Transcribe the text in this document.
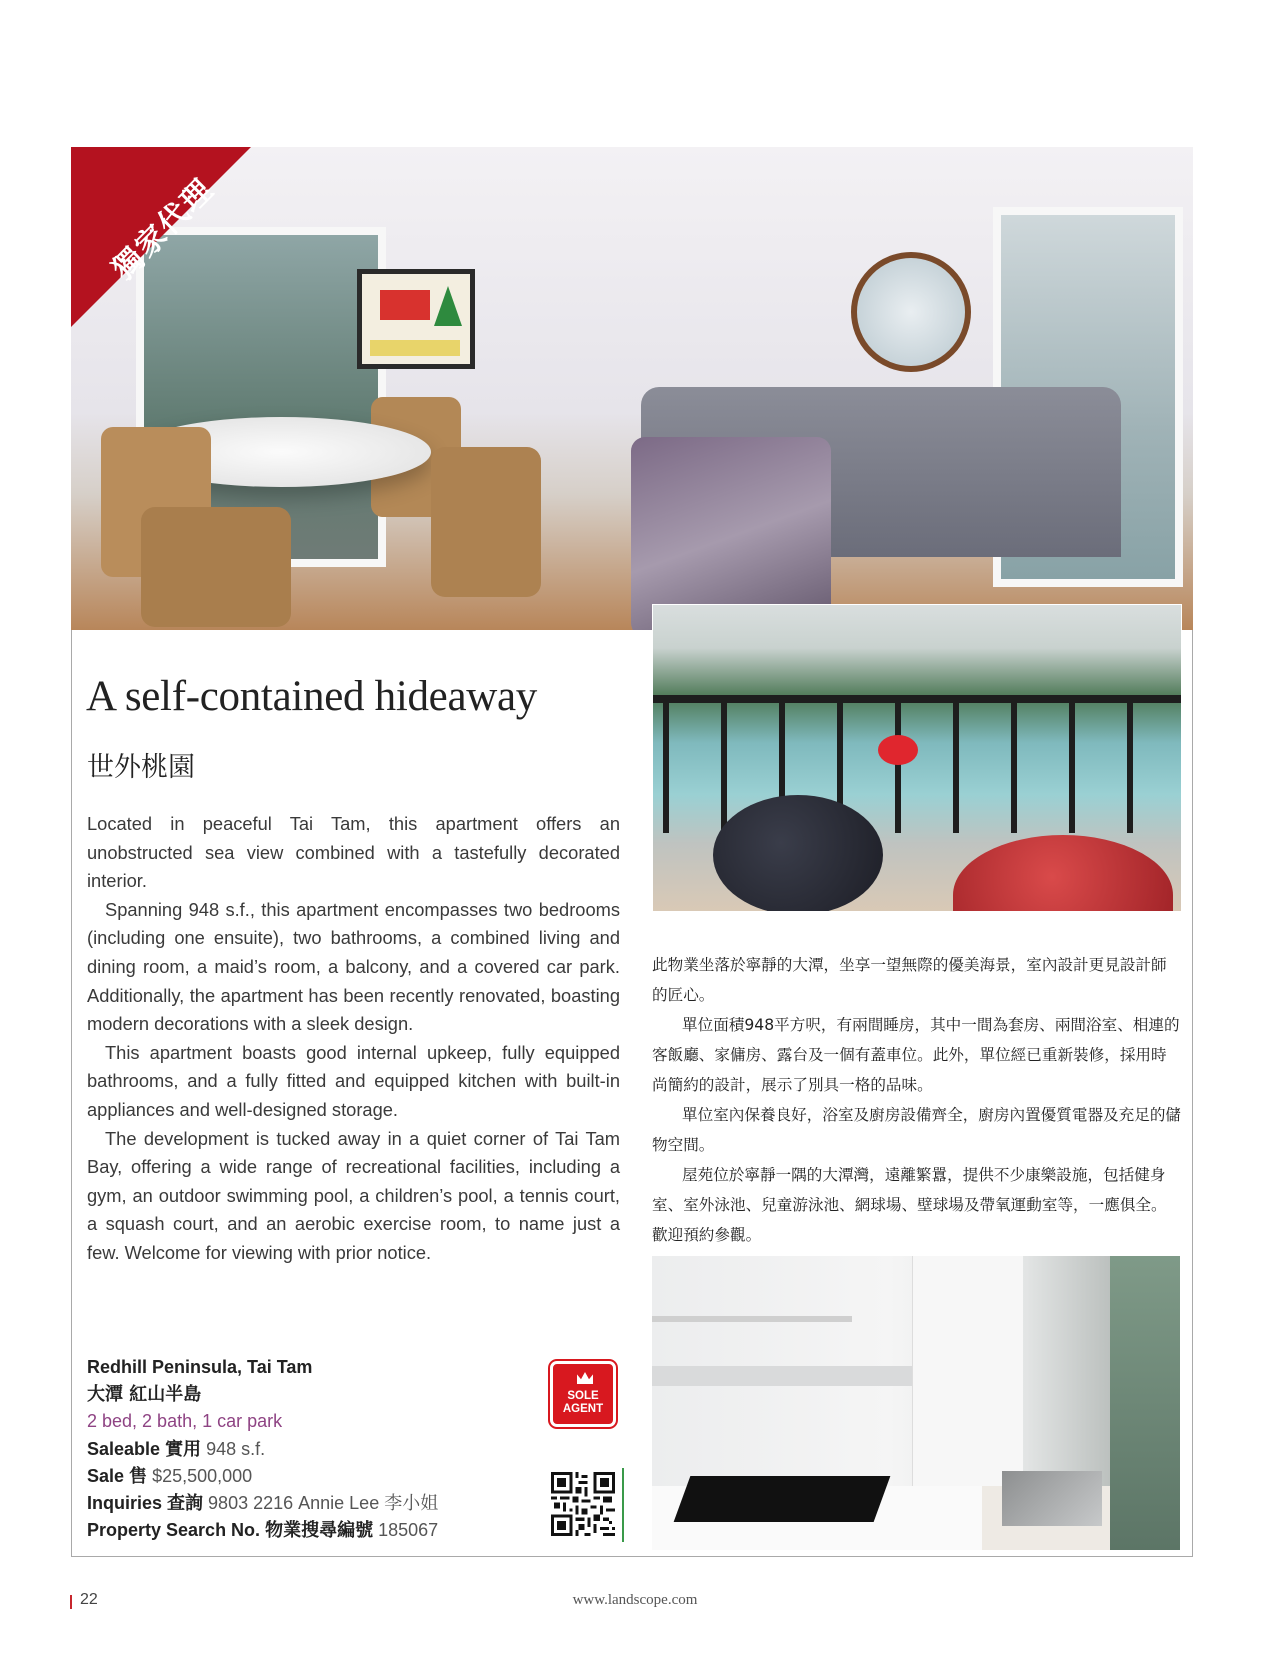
獨家代理
A self-contained hideaway
世外桃園

Located in peaceful Tai Tam, this apartment offers an unobstructed sea view combined with a tastefully decorated interior.

Spanning 948 s.f., this apartment encompasses two bedrooms (including one ensuite), two bathrooms, a combined living and dining room, a maid’s room, a balcony, and a covered car park. Additionally, the apartment has been recently renovated, boasting modern decorations with a sleek design.

This apartment boasts good internal upkeep, fully equipped bathrooms, and a fully fitted and equipped kitchen with built-in appliances and well-designed storage.

The development is tucked away in a quiet corner of Tai Tam Bay, offering a wide range of recreational facilities, including a gym, an outdoor swimming pool, a children’s pool, a tennis court, a squash court, and an aerobic exercise room, to name just a few. Welcome for viewing with prior notice.

此物業坐落於寧靜的大潭，坐享一望無際的優美海景，室內設計更見設計師的匠心。

單位面積948平方呎，有兩間睡房，其中一間為套房、兩間浴室、相連的客飯廳、家傭房、露台及一個有蓋車位。此外，單位經已重新裝修，採用時尚簡約的設計，展示了別具一格的品味。

單位室內保養良好，浴室及廚房設備齊全，廚房內置優質電器及充足的儲物空間。

屋苑位於寧靜一隅的大潭灣，遠離繁囂，提供不少康樂設施，包括健身室、室外泳池、兒童游泳池、網球場、壁球場及帶氧運動室等，一應俱全。歡迎預約參觀。

Redhill Peninsula, Tai Tam
大潭 紅山半島
2 bed, 2 bath, 1 car park
Saleable 實用 948 s.f.
Sale 售 $25,500,000
Inquiries 查詢 9803 2216 Annie Lee 李小姐
Property Search No. 物業搜尋編號 185067
SOLE
AGENT
22	www.landscope.com
